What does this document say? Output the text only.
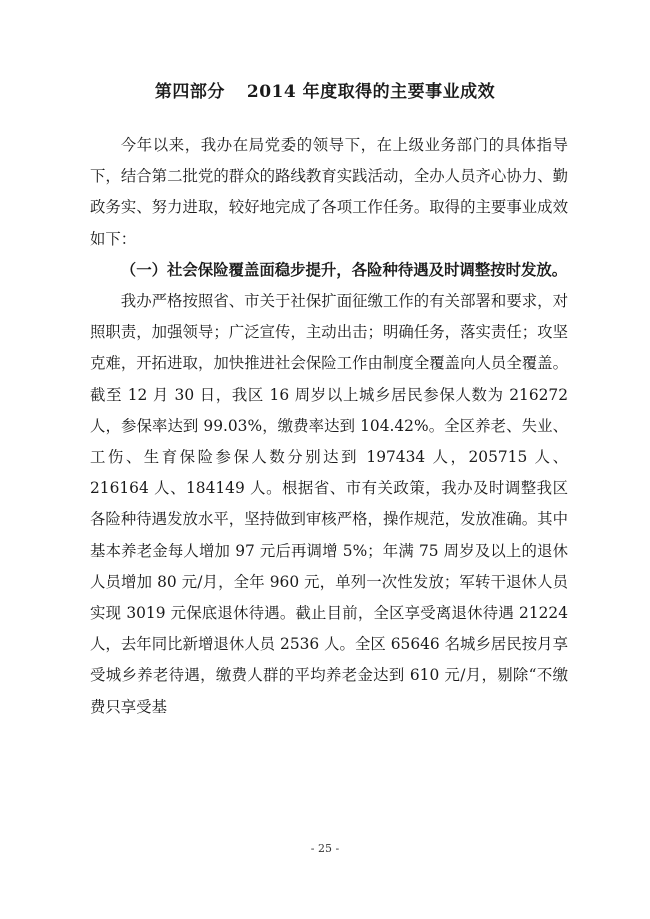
第四部分 2014 年度取得的主要事业成效

今年以来，我办在局党委的领导下，在上级业务部门的具体指导下，结合第二批党的群众的路线教育实践活动，全办人员齐心协力、勤政务实、努力进取，较好地完成了各项工作任务。取得的主要事业成效如下：

（一）社会保险覆盖面稳步提升，各险种待遇及时调整按时发放。

我办严格按照省、市关于社保扩面征缴工作的有关部署和要求，对照职责，加强领导；广泛宣传，主动出击；明确任务，落实责任；攻坚克难，开拓进取，加快推进社会保险工作由制度全覆盖向人员全覆盖。截至 12 月 30 日，我区 16 周岁以上城乡居民参保人数为 216272 人，参保率达到 99.03%，缴费率达到 104.42%。全区养老、失业、工伤、生育保险参保人数分别达到 197434 人，205715 人、216164 人、184149 人。根据省、市有关政策，我办及时调整我区各险种待遇发放水平，坚持做到审核严格，操作规范，发放准确。其中基本养老金每人增加 97 元后再调增 5%；年满 75 周岁及以上的退休人员增加 80 元/月，全年 960 元，单列一次性发放；军转干退休人员实现 3019 元保底退休待遇。截止目前，全区享受离退休待遇 21224 人，去年同比新增退休人员 2536 人。全区 65646 名城乡居民按月享受城乡养老待遇，缴费人群的平均养老金达到 610 元/月，剔除“不缴费只享受基

- 25 -
